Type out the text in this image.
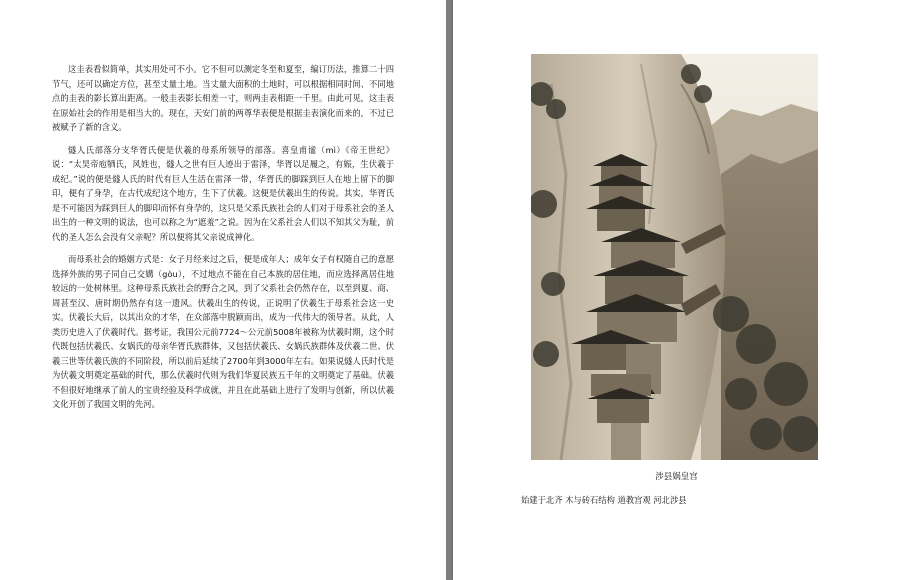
这圭表看似简单，其实用处可不小。它不但可以测定冬至和夏至，编订历法，推算二十四节气，还可以确定方位，甚至丈量土地。当丈量大面积的土地时，可以根据相同时间、不同地点的圭表的影长算出距离。一般圭表影长相差一寸，则两圭表相距一千里。由此可见，这圭表在原始社会的作用是相当大的。现在，天安门前的两尊华表便是根据圭表演化而来的，不过已被赋予了新的含义。

燧人氏部落分支华胥氏便是伏羲的母系所领导的部落。喜皇甫谧（mì）《帝王世纪》说：“太昊帝庖牺氏，风姓也，燧人之世有巨人迹出于雷泽，华胥以足履之，有娠，生伏羲于成纪。”说的便是燧人氏的时代有巨人生活在雷泽一带，华胥氏的脚踩到巨人在地上留下的脚印，便有了身孕，在古代成纪这个地方，生下了伏羲。这便是伏羲出生的传说。其实，华胥氏是不可能因为踩到巨人的脚印而怀有身孕的，这只是父系氏族社会的人们对于母系社会的圣人出生的一种文明的说法，也可以称之为“遮羞”之说。因为在父系社会人们以不知其父为耻，前代的圣人怎么会没有父亲呢？所以便将其父亲说成神化。

而母系社会的婚姻方式是：女子月经来过之后，便是成年人；成年女子有权随自己的意愿选择外族的男子同自己交媾（gòu），不过地点不能在自己本族的居住地，而应选择离居住地较远的一处树林里。这种母系氏族社会的野合之风，到了父系社会仍然存在，以至到夏、商、周甚至汉、唐时期仍然存有这一遗风。伏羲出生的传说，正说明了伏羲生于母系社会这一史实。伏羲长大后，以其出众的才华，在众部落中脱颖而出，成为一代伟大的领导者。从此，人类历史进入了伏羲时代。据考证，我国公元前7724～公元前5008年被称为伏羲时期，这个时代既包括伏羲氏、女娲氏的母亲华胥氏族群体，又包括伏羲氏、女娲氏族群体及伏羲二世、伏羲三世等伏羲氏族的不同阶段，所以前后延续了2700年到3000年左右。如果说燧人氏时代是为伏羲文明奠定基础的时代，那么伏羲时代则为我们华夏民族五千年的文明奠定了基础。伏羲不但很好地继承了前人的宝贵经验及科学成就，并且在此基础上进行了发明与创新，所以伏羲文化开创了我国文明的先河。

涉县娲皇宫
始建于北齐 木与砖石结构 道教宫观 河北涉县
